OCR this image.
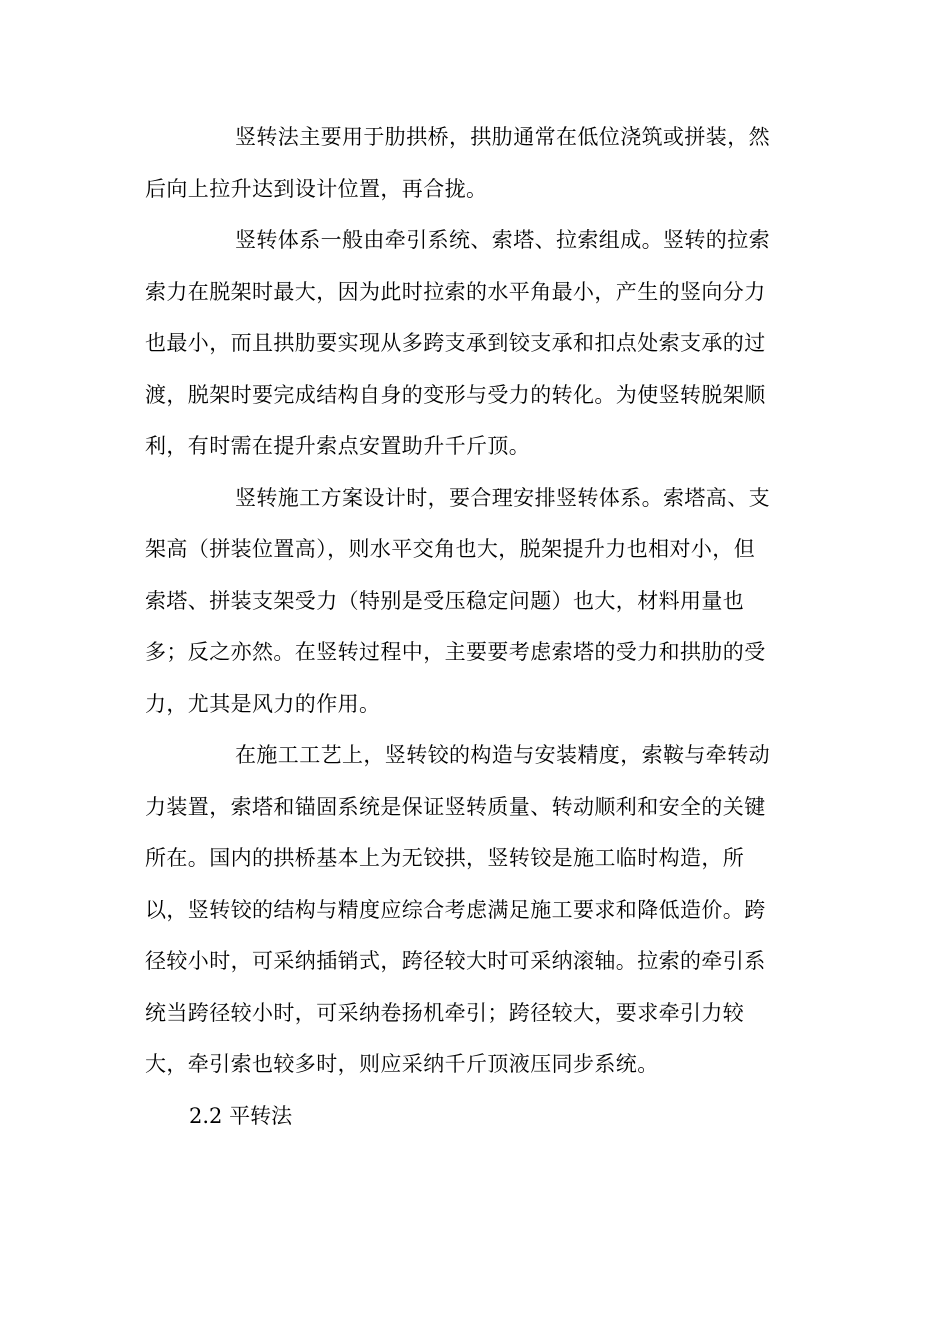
竖转法主要用于肋拱桥，拱肋通常在低位浇筑或拼装，然
后向上拉升达到设计位置，再合拢。
竖转体系一般由牵引系统、索塔、拉索组成。竖转的拉索
索力在脱架时最大，因为此时拉索的水平角最小，产生的竖向分力
也最小，而且拱肋要实现从多跨支承到铰支承和扣点处索支承的过
渡，脱架时要完成结构自身的变形与受力的转化。为使竖转脱架顺
利，有时需在提升索点安置助升千斤顶。
竖转施工方案设计时，要合理安排竖转体系。索塔高、支
架高（拼装位置高），则水平交角也大，脱架提升力也相对小，但
索塔、拼装支架受力（特别是受压稳定问题）也大，材料用量也
多；反之亦然。在竖转过程中，主要要考虑索塔的受力和拱肋的受
力，尤其是风力的作用。
在施工工艺上，竖转铰的构造与安装精度，索鞍与牵转动
力装置，索塔和锚固系统是保证竖转质量、转动顺利和安全的关键
所在。国内的拱桥基本上为无铰拱，竖转铰是施工临时构造，所
以，竖转铰的结构与精度应综合考虑满足施工要求和降低造价。跨
径较小时，可采纳插销式，跨径较大时可采纳滚轴。拉索的牵引系
统当跨径较小时，可采纳卷扬机牵引；跨径较大，要求牵引力较
大，牵引索也较多时，则应采纳千斤顶液压同步系统。
2.2 平转法
